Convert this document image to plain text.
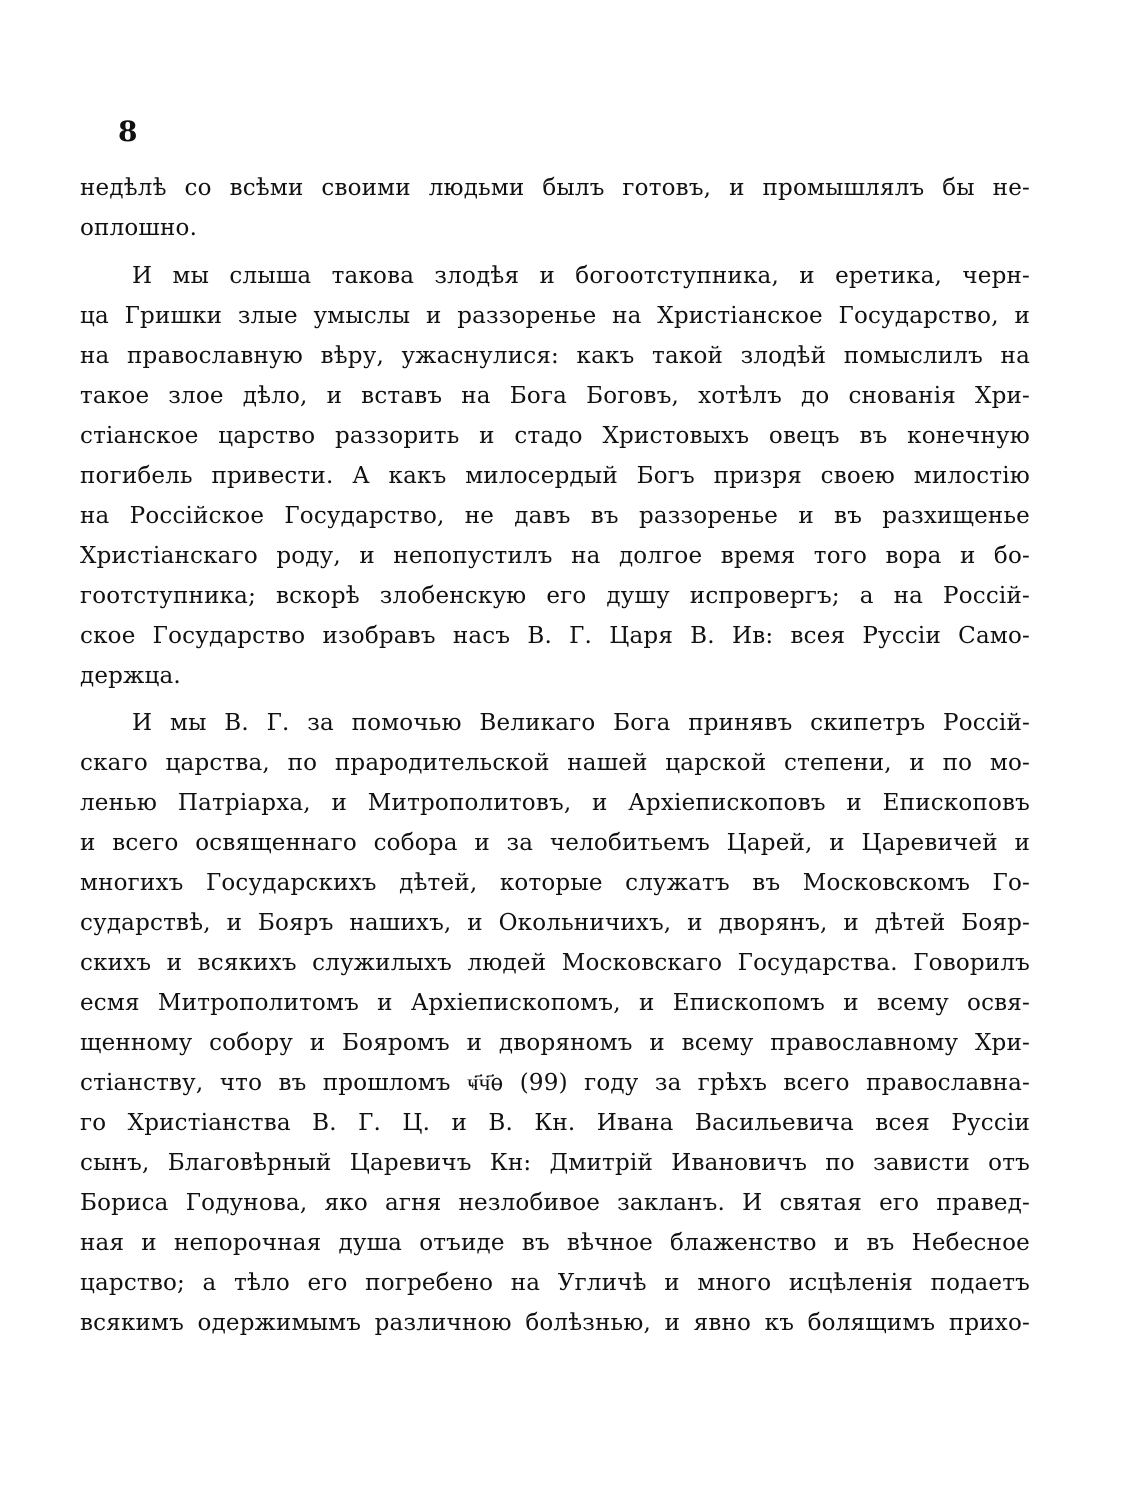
8
недѣлѣ со всѣми своими людьми былъ готовъ, и промышлялъ бы не-
оплошно.
И мы слыша такова злодѣя и богоотступника, и еретика, черн-
ца Гришки злые умыслы и раззоренье на Христіанское Государство, и
на православную вѣру, ужаснулися: какъ такой злодѣй помыслилъ на
такое злое дѣло, и вставъ на Бога Боговъ, хотѣлъ до снованія Хри-
стіанское царство раззорить и стадо Христовыхъ овецъ въ конечную
погибель привести. А какъ милосердый Богъ призря своею милостію
на Россійское Государство, не давъ въ раззоренье и въ разхищенье
Христіанскаго роду, и непопустилъ на долгое время того вора и бо-
гоотступника; вскорѣ злобенскую его душу испровергъ; а на Россій-
ское Государство изобравъ насъ В. Г. Царя В. Ив: всея Руссіи Само-
держца.
И мы В. Г. за помочью Великаго Бога принявъ скипетръ Россій-
скаго царства, по прародительской нашей царской степени, и по мо-
ленью Патріарха, и Митрополитовъ, и Архіепископовъ и Епископовъ
и всего освященнаго собора и за челобитьемъ Царей, и Царевичей и
многихъ Государскихъ дѣтей, которые служатъ въ Московскомъ Го-
сударствѣ, и Бояръ нашихъ, и Окольничихъ, и дворянъ, и дѣтей Бояр-
скихъ и всякихъ служилыхъ людей Московскаго Государства. Говорилъ
есмя Митрополитомъ и Архіепископомъ, и Епископомъ и всему освя-
щенному собору и Бояромъ и дворяномъ и всему православному Хри-
стіанству, что въ прошломъ ҹ҃ч҃ѳ (99) году за грѣхъ всего православна-
го Христіанства В. Г. Ц. и В. Кн. Ивана Васильевича всея Руссіи
сынъ, Благовѣрный Царевичъ Кн: Дмитрій Ивановичъ по зависти отъ
Бориса Годунова, яко агня незлобивое закланъ. И святая его правед-
ная и непорочная душа отъиде въ вѣчное блаженство и въ Небесное
царство; а тѣло его погребено на Угличѣ и много исцѣленія подаетъ
всякимъ одержимымъ различною болѣзнью, и явно къ болящимъ прихо-
